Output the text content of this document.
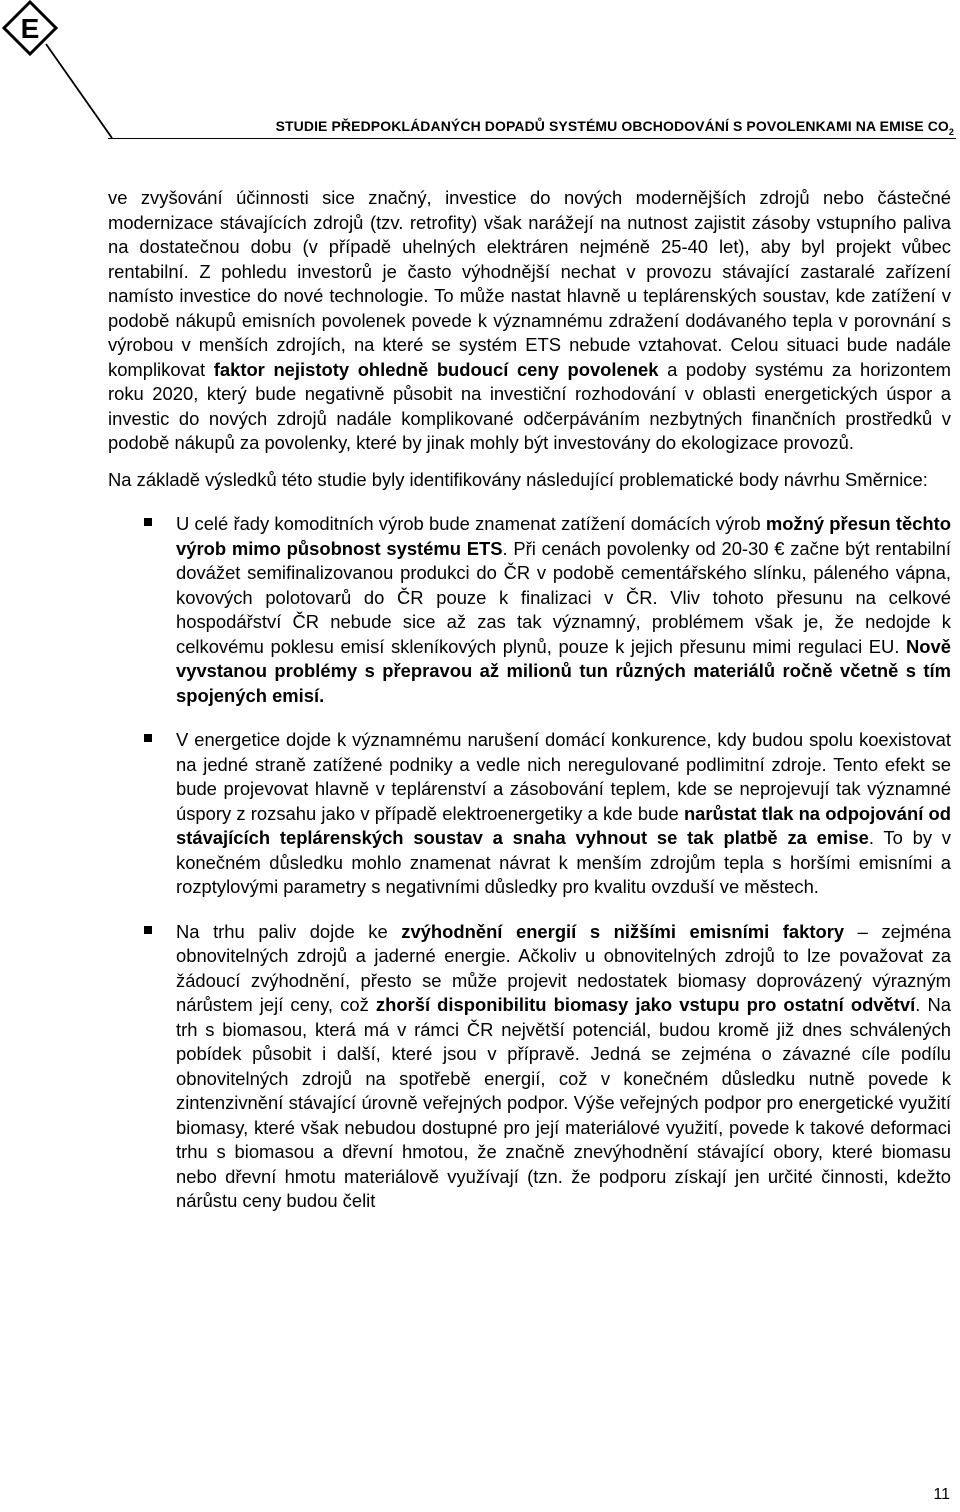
E
STUDIE PŘEDPOKLÁDANÝCH DOPADŮ SYSTÉMU OBCHODOVÁNÍ S POVOLENKAMI NA EMISE $CO_2$

ve zvyšování účinnosti sice značný, investice do nových modernějších zdrojů nebo částečné modernizace stávajících zdrojů (tzv. retrofity) však narážejí na nutnost zajistit zásoby vstupního paliva na dostatečnou dobu (v případě uhelných elektráren nejméně 25-40 let), aby byl projekt vůbec rentabilní. Z pohledu investorů je často výhodnější nechat v provozu stávající zastaralé zařízení namísto investice do nové technologie. To může nastat hlavně u teplárenských soustav, kde zatížení v podobě nákupů emisních povolenek povede k významnému zdražení dodávaného tepla v porovnání s výrobou v menších zdrojích, na které se systém ETS nebude vztahovat. Celou situaci bude nadále komplikovat faktor nejistoty ohledně budoucí ceny povolenek a podoby systému za horizontem roku 2020, který bude negativně působit na investiční rozhodování v oblasti energetických úspor a investic do nových zdrojů nadále komplikované odčerpáváním nezbytných finančních prostředků v podobě nákupů za povolenky, které by jinak mohly být investovány do ekologizace provozů.

Na základě výsledků této studie byly identifikovány následující problematické body návrhu Směrnice:

U celé řady komoditních výrob bude znamenat zatížení domácích výrob možný přesun těchto výrob mimo působnost systému ETS. Při cenách povolenky od 20-30 € začne být rentabilní dovážet semifinalizovanou produkci do ČR v podobě cementářského slínku, páleného vápna, kovových polotovarů do ČR pouze k finalizaci v ČR. Vliv tohoto přesunu na celkové hospodářství ČR nebude sice až zas tak významný, problémem však je, že nedojde k celkovému poklesu emisí skleníkových plynů, pouze k jejich přesunu mimi regulaci EU. Nově vyvstanou problémy s přepravou až milionů tun různých materiálů ročně včetně s tím spojených emisí.
V energetice dojde k významnému narušení domácí konkurence, kdy budou spolu koexistovat na jedné straně zatížené podniky a vedle nich neregulované podlimitní zdroje. Tento efekt se bude projevovat hlavně v teplárenství a zásobování teplem, kde se neprojevují tak významné úspory z rozsahu jako v případě elektroenergetiky a kde bude narůstat tlak na odpojování od stávajících teplárenských soustav a snaha vyhnout se tak platbě za emise. To by v konečném důsledku mohlo znamenat návrat k menším zdrojům tepla s horšími emisními a rozptylovými parametry s negativními důsledky pro kvalitu ovzduší ve městech.
Na trhu paliv dojde ke zvýhodnění energií s nižšími emisními faktory – zejména obnovitelných zdrojů a jaderné energie. Ačkoliv u obnovitelných zdrojů to lze považovat za žádoucí zvýhodnění, přesto se může projevit nedostatek biomasy doprovázený výrazným nárůstem její ceny, což zhorší disponibilitu biomasy jako vstupu pro ostatní odvětví. Na trh s biomasou, která má v rámci ČR největší potenciál, budou kromě již dnes schválených pobídek působit i další, které jsou v přípravě. Jedná se zejména o závazné cíle podílu obnovitelných zdrojů na spotřebě energií, což v konečném důsledku nutně povede k zintenzivnění stávající úrovně veřejných podpor. Výše veřejných podpor pro energetické využití biomasy, které však nebudou dostupné pro její materiálové využití, povede k takové deformaci trhu s biomasou a dřevní hmotou, že značně znevýhodnění stávající obory, které biomasu nebo dřevní hmotu materiálově využívají (tzn. že podporu získají jen určité činnosti, kdežto nárůstu ceny budou čelit
11
